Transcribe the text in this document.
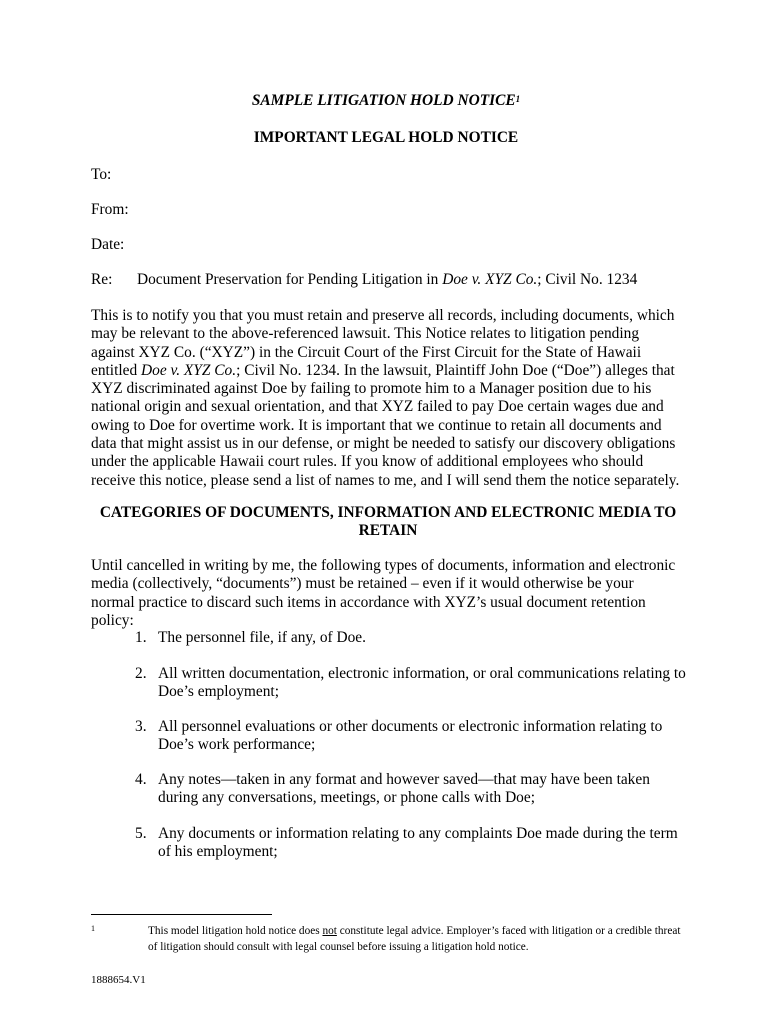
SAMPLE LITIGATION HOLD NOTICE$^1$
IMPORTANT LEGAL HOLD NOTICE
To:
From:
Date:
Re: Document Preservation for Pending Litigation in Doe v. XYZ Co.; Civil No. 1234
This is to notify you that you must retain and preserve all records, including documents, which may be relevant to the above-referenced lawsuit. This Notice relates to litigation pending against XYZ Co. (“XYZ”) in the Circuit Court of the First Circuit for the State of Hawaii entitled Doe v. XYZ Co.; Civil No. 1234. In the lawsuit, Plaintiff John Doe (“Doe”) alleges that XYZ discriminated against Doe by failing to promote him to a Manager position due to his national origin and sexual orientation, and that XYZ failed to pay Doe certain wages due and owing to Doe for overtime work. It is important that we continue to retain all documents and data that might assist us in our defense, or might be needed to satisfy our discovery obligations under the applicable Hawaii court rules. If you know of additional employees who should receive this notice, please send a list of names to me, and I will send them the notice separately.
CATEGORIES OF DOCUMENTS, INFORMATION AND ELECTRONIC MEDIA TO
RETAIN
Until cancelled in writing by me, the following types of documents, information and electronic media (collectively, “documents”) must be retained – even if it would otherwise be your normal practice to discard such items in accordance with XYZ’s usual document retention policy:
1. The personnel file, if any, of Doe.
2. All written documentation, electronic information, or oral communications relating to Doe’s employment;
3. All personnel evaluations or other documents or electronic information relating to Doe’s work performance;
4. Any notes—taken in any format and however saved—that may have been taken during any conversations, meetings, or phone calls with Doe;
5. Any documents or information relating to any complaints Doe made during the term of his employment;
1	This model litigation hold notice does not constitute legal advice. Employer’s faced with litigation or a credible threat of litigation should consult with legal counsel before issuing a litigation hold notice.
1888654.V1
